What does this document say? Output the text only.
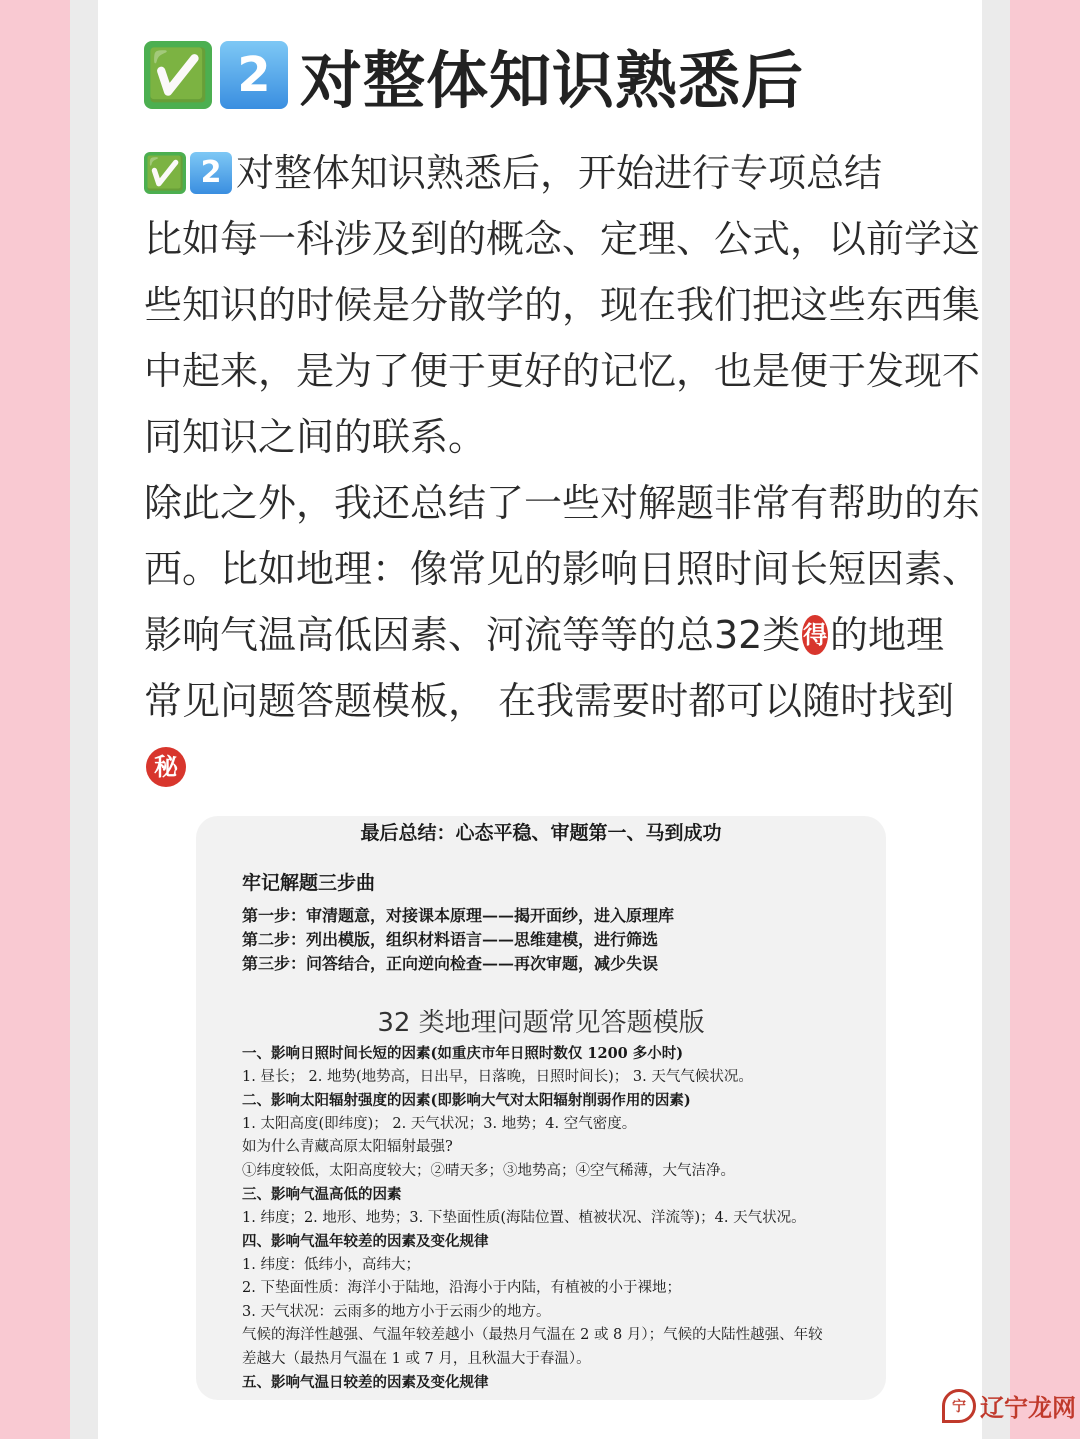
✅ 2 对整体知识熟悉后
✅ 2 对整体知识熟悉后，开始进行专项总结
比如每一科涉及到的概念、定理、公式，以前学这
些知识的时候是分散学的，现在我们把这些东西集
中起来，是为了便于更好的记忆，也是便于发现不
同知识之间的联系。
除此之外，我还总结了一些对解题非常有帮助的东
西。比如地理：像常见的影响日照时间长短因素、
影响气温高低因素、河流等等的总32类 得 的地理
常见问题答题模板， 在我需要时都可以随时找到
秘
最后总结：心态平稳、审题第一、马到成功
牢记解题三步曲
第一步：审清题意，对接课本原理——揭开面纱，进入原理库
第二步：列出模版，组织材料语言——思维建模，进行筛选
第三步：问答结合，正向逆向检查——再次审题，减少失误
32 类地理问题常见答题模版
一、影响日照时间长短的因素(如重庆市年日照时数仅 1200 多小时)
1. 昼长； 2. 地势(地势高，日出早，日落晚，日照时间长)； 3. 天气气候状况。
二、影响太阳辐射强度的因素(即影响大气对太阳辐射削弱作用的因素)
1. 太阳高度(即纬度)； 2. 天气状况；3. 地势；4. 空气密度。
如为什么青藏高原太阳辐射最强?
①纬度较低，太阳高度较大；②晴天多；③地势高；④空气稀薄，大气洁净。
三、影响气温高低的因素
1. 纬度；2. 地形、地势；3. 下垫面性质(海陆位置、植被状况、洋流等)；4. 天气状况。
四、影响气温年较差的因素及变化规律
1. 纬度：低纬小，高纬大；
2. 下垫面性质：海洋小于陆地，沿海小于内陆，有植被的小于裸地；
3. 天气状况：云雨多的地方小于云雨少的地方。
气候的海洋性越强、气温年较差越小（最热月气温在 2 或 8 月）；气候的大陆性越强、年较
差越大（最热月气温在 1 或 7 月，且秋温大于春温）。
五、影响气温日较差的因素及变化规律
宁 辽宁龙网
